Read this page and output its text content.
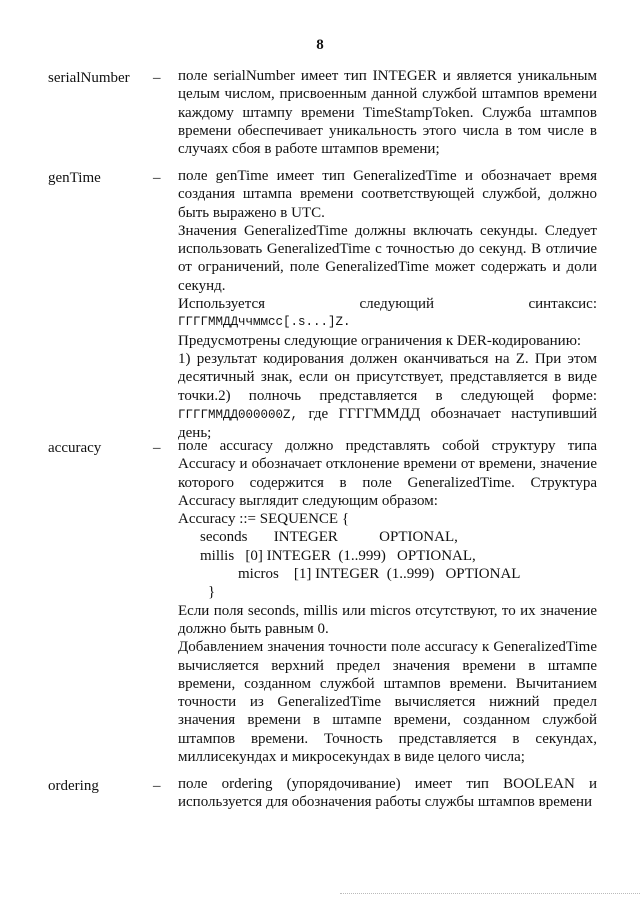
8
serialNumber – поле serialNumber имеет тип INTEGER и является уникальным целым числом, присвоенным данной службой штампов времени каждому штампу времени TimeStampToken. Служба штампов времени обеспечивает уникальность этого числа в том числе в случаях сбоя в работе штампов времени;

genTime	– поле genTime имеет тип GeneralizedTime и обозначает время создания штампа времени соответствующей службой, должно быть выражено в UTC.

Значения GeneralizedTime должны включать секунды. Следует использовать GeneralizedTime с точностью до секунд. В отличие от ограничений, поле GeneralizedTime может содержать и доли секунд.

Используется следующий синтаксис:

ГГГГММДДччммсс[.s...]Z.

Предусмотрены следующие ограничения к DER-кодированию:

1) результат кодирования должен оканчиваться на Z. При этом десятичный знак, если он присутствует, представляется в виде точки.2) полночь представляется в следующей форме: ГГГГММДД000000Z, где ГГГГММДД обозначает наступивший день;

accuracy	– поле accuracy должно представлять собой структуру типа Accuracy и обозначает отклонение времени от времени, значение которого содержится в поле GeneralizedTime. Структура Accuracy выглядит следующим образом:

Accuracy ::= SEQUENCE {

seconds       INTEGER           OPTIONAL,

millis   [0] INTEGER  (1..999)   OPTIONAL,

micros    [1] INTEGER  (1..999)   OPTIONAL

}

Если поля seconds, millis или micros отсутствуют, то их значение должно быть равным 0.

Добавлением значения точности поле accuracy к GeneralizedTime вычисляется верхний предел значения времени в штампе времени, созданном службой штампов времени. Вычитанием точности из GeneralizedTime вычисляется нижний предел значения времени в штампе времени, созданном службой штампов времени. Точность представляется в секундах, миллисекундах и микросекундах в виде целого числа;

ordering	– поле ordering (упорядочивание) имеет тип BOOLEAN и используется для обозначения работы службы штампов времени
